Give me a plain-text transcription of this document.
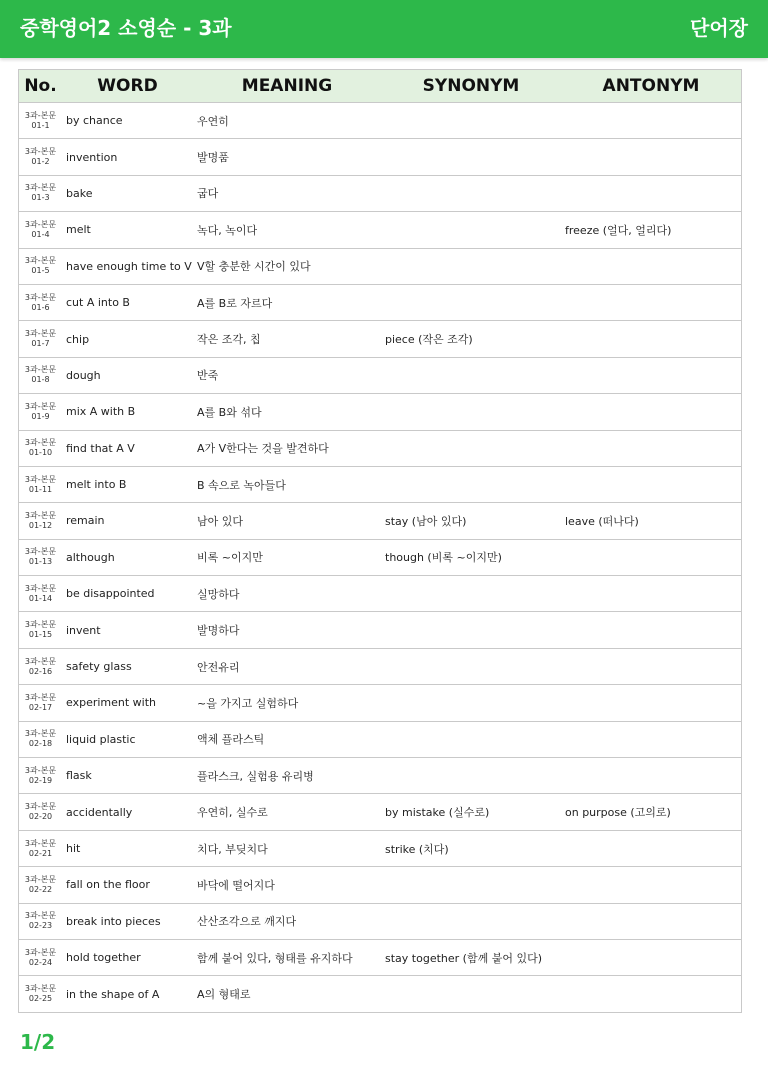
중학영어2 소영순 - 3과	단어장
No.	WORD	MEANING	SYNONYM	ANTONYM

3과-본문
01-1	by chance	우연히		

3과-본문
01-2	invention	발명품		

3과-본문
01-3	bake	굽다		

3과-본문
01-4	melt	녹다, 녹이다		freeze (얼다, 얼리다)

3과-본문
01-5	have enough time to V	V할 충분한 시간이 있다		

3과-본문
01-6	cut A into B	A를 B로 자르다		

3과-본문
01-7	chip	작은 조각, 칩	piece (작은 조각)	

3과-본문
01-8	dough	반죽		

3과-본문
01-9	mix A with B	A를 B와 섞다		

3과-본문
01-10	find that A V	A가 V한다는 것을 발견하다		

3과-본문
01-11	melt into B	B 속으로 녹아들다		

3과-본문
01-12	remain	남아 있다	stay (남아 있다)	leave (떠나다)

3과-본문
01-13	although	비록 ~이지만	though (비록 ~이지만)	

3과-본문
01-14	be disappointed	실망하다		

3과-본문
01-15	invent	발명하다		

3과-본문
02-16	safety glass	안전유리		

3과-본문
02-17	experiment with	~을 가지고 실험하다		

3과-본문
02-18	liquid plastic	액체 플라스틱		

3과-본문
02-19	flask	플라스크, 실험용 유리병		

3과-본문
02-20	accidentally	우연히, 실수로	by mistake (실수로)	on purpose (고의로)

3과-본문
02-21	hit	치다, 부딪치다	strike (치다)	

3과-본문
02-22	fall on the floor	바닥에 떨어지다		

3과-본문
02-23	break into pieces	산산조각으로 깨지다		

3과-본문
02-24	hold together	함께 붙어 있다, 형태를 유지하다	stay together (함께 붙어 있다)	

3과-본문
02-25	in the shape of A	A의 형태로		
1/2
